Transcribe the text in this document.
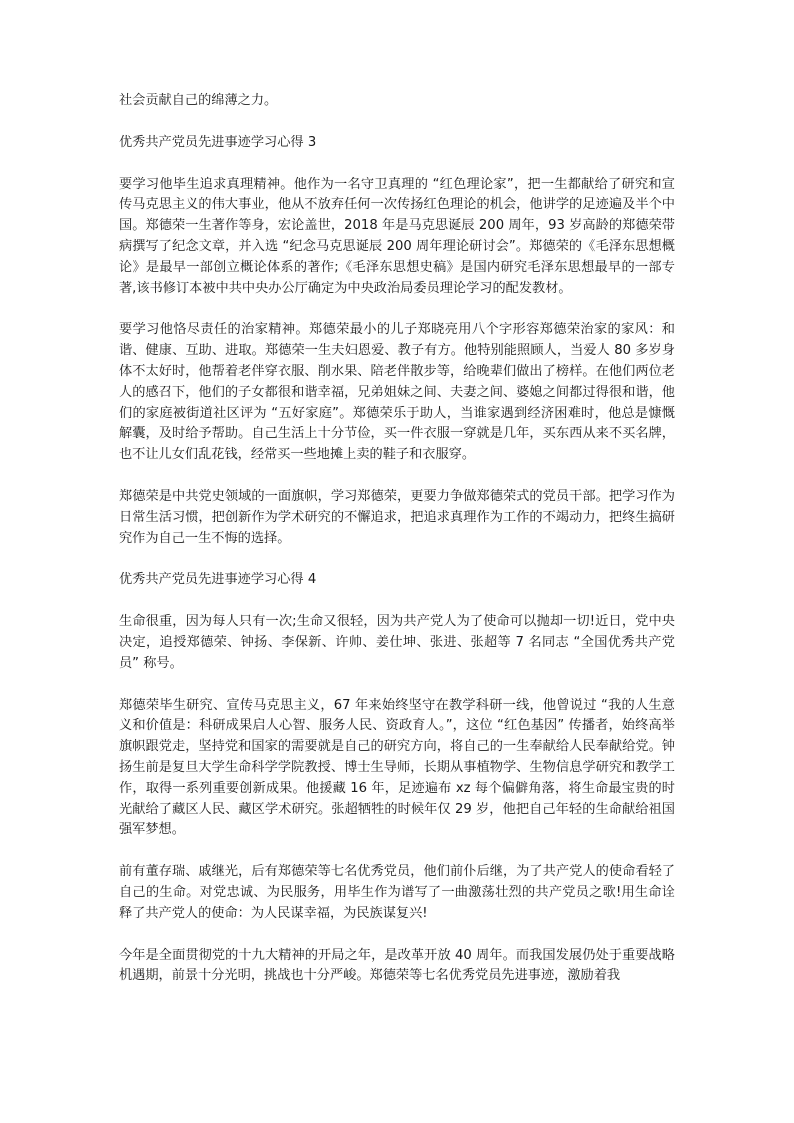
社会贡献自己的绵薄之力。

优秀共产党员先进事迹学习心得 3

要学习他毕生追求真理精神。他作为一名守卫真理的 “红色理论家”，把一生都献给了研究和宣传马克思主义的伟大事业，他从不放弃任何一次传扬红色理论的机会，他讲学的足迹遍及半个中国。郑德荣一生著作等身，宏论盖世，2018 年是马克思诞辰 200 周年，93 岁高龄的郑德荣带病撰写了纪念文章，并入选 “纪念马克思诞辰 200 周年理论研讨会”。郑德荣的《毛泽东思想概论》是最早一部创立概论体系的著作;《毛泽东思想史稿》是国内研究毛泽东思想最早的一部专著,该书修订本被中共中央办公厅确定为中央政治局委员理论学习的配发教材。

要学习他恪尽责任的治家精神。郑德荣最小的儿子郑晓亮用八个字形容郑德荣治家的家风：和谐、健康、互助、进取。郑德荣一生夫妇恩爱、教子有方。他特别能照顾人，当爱人 80 多岁身体不太好时，他帮着老伴穿衣服、削水果、陪老伴散步等，给晚辈们做出了榜样。在他们两位老人的感召下，他们的子女都很和谐幸福，兄弟姐妹之间、夫妻之间、婆媳之间都过得很和谐，他们的家庭被街道社区评为 “五好家庭”。郑德荣乐于助人，当谁家遇到经济困难时，他总是慷慨解囊，及时给予帮助。自己生活上十分节俭，买一件衣服一穿就是几年，买东西从来不买名牌，也不让儿女们乱花钱，经常买一些地摊上卖的鞋子和衣服穿。

郑德荣是中共党史领域的一面旗帜，学习郑德荣，更要力争做郑德荣式的党员干部。把学习作为日常生活习惯，把创新作为学术研究的不懈追求，把追求真理作为工作的不竭动力，把终生搞研究作为自己一生不悔的选择。

优秀共产党员先进事迹学习心得 4

生命很重，因为每人只有一次;生命又很轻，因为共产党人为了使命可以抛却一切!近日，党中央决定，追授郑德荣、钟扬、李保新、许帅、姜仕坤、张进、张超等 7 名同志 “全国优秀共产党员” 称号。

郑德荣毕生研究、宣传马克思主义，67 年来始终坚守在教学科研一线，他曾说过 “我的人生意义和价值是：科研成果启人心智、服务人民、资政育人。”，这位 “红色基因” 传播者，始终高举旗帜跟党走，坚持党和国家的需要就是自己的研究方向，将自己的一生奉献给人民奉献给党。钟扬生前是复旦大学生命科学学院教授、博士生导师，长期从事植物学、生物信息学研究和教学工作，取得一系列重要创新成果。他援藏 16 年，足迹遍布 xz 每个偏僻角落，将生命最宝贵的时光献给了藏区人民、藏区学术研究。张超牺牲的时候年仅 29 岁，他把自己年轻的生命献给祖国强军梦想。

前有董存瑞、戚继光，后有郑德荣等七名优秀党员，他们前仆后继，为了共产党人的使命看轻了自己的生命。对党忠诚、为民服务，用毕生作为谱写了一曲激荡壮烈的共产党员之歌!用生命诠释了共产党人的使命：为人民谋幸福，为民族谋复兴!

今年是全面贯彻党的十九大精神的开局之年，是改革开放 40 周年。而我国发展仍处于重要战略机遇期，前景十分光明，挑战也十分严峻。郑德荣等七名优秀党员先进事迹，激励着我
